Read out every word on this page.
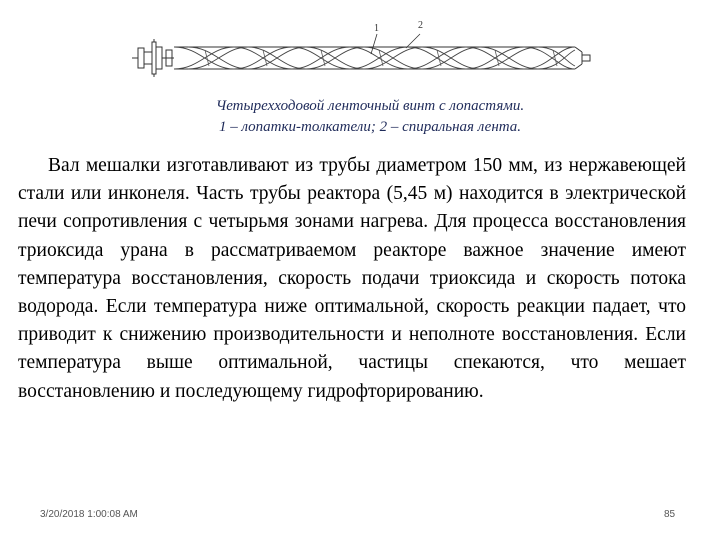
1	2
Четырехходовой ленточный винт с лопастями.
1 – лопатки-толкатели; 2 – спиральная лента.
Вал мешалки изготавливают из трубы диаметром 150 мм, из нержавеющей стали или инконеля. Часть трубы реактора (5,45 м) находится в электрической печи сопротивления с четырьмя зонами нагрева. Для процесса восстановления триоксида урана в рассматриваемом реакторе важное значение имеют температура восстановления, скорость подачи триоксида и скорость потока водорода. Если температура ниже оптимальной, скорость реакции падает, что приводит к снижению производительности и неполноте восстановления. Если температура выше оптимальной, частицы спекаются, что мешает восстановлению и последующему гидрофторированию.
3/20/2018 1:00:08 AM	85
